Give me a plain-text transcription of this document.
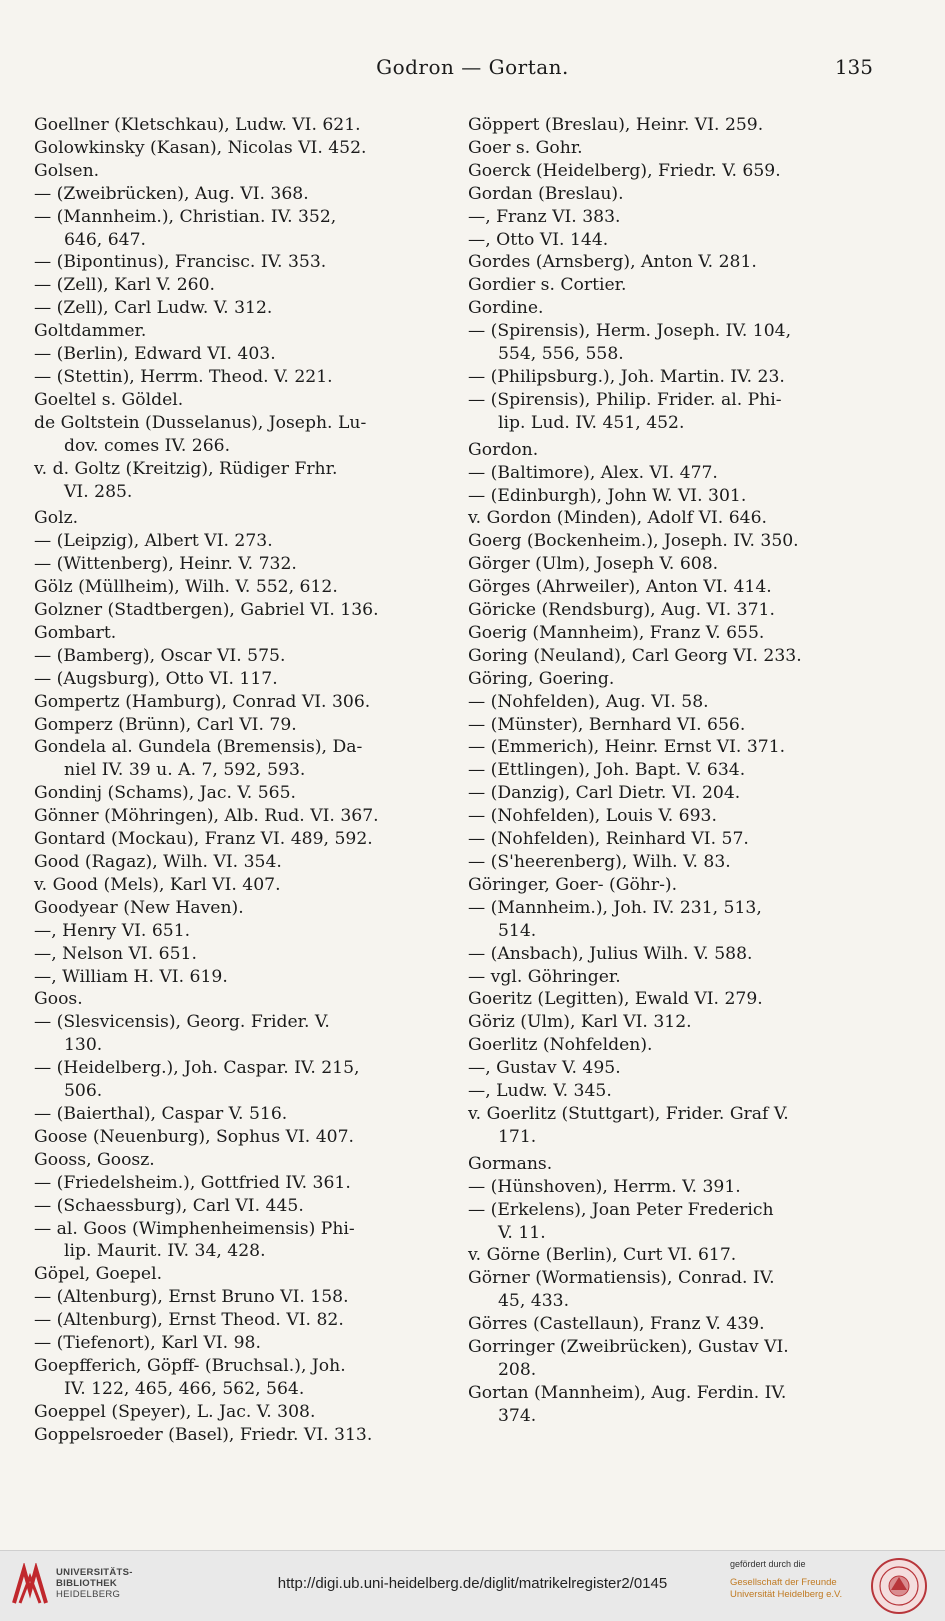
Godron — Gortan.	135
Goellner (Kletschkau), Ludw. VI. 621.
Golowkinsky (Kasan), Nicolas VI. 452.
Golsen.
— (Zweibrücken), Aug. VI. 368.
— (Mannheim.), Christian. IV. 352,
646, 647.
— (Bipontinus), Francisc. IV. 353.
— (Zell), Karl V. 260.
— (Zell), Carl Ludw. V. 312.
Goltdammer.
— (Berlin), Edward VI. 403.
— (Stettin), Herrm. Theod. V. 221.
Goeltel s. Göldel.
de Goltstein (Dusselanus), Joseph. Lu-
dov. comes IV. 266.
v. d. Goltz (Kreitzig), Rüdiger Frhr.
VI. 285.
Golz.
— (Leipzig), Albert VI. 273.
— (Wittenberg), Heinr. V. 732.
Gölz (Müllheim), Wilh. V. 552, 612.
Golzner (Stadtbergen), Gabriel VI. 136.
Gombart.
— (Bamberg), Oscar VI. 575.
— (Augsburg), Otto VI. 117.
Gompertz (Hamburg), Conrad VI. 306.
Gomperz (Brünn), Carl VI. 79.
Gondela al. Gundela (Bremensis), Da-
niel IV. 39 u. A. 7, 592, 593.
Gondinj (Schams), Jac. V. 565.
Gönner (Möhringen), Alb. Rud. VI. 367.
Gontard (Mockau), Franz VI. 489, 592.
Good (Ragaz), Wilh. VI. 354.
v. Good (Mels), Karl VI. 407.
Goodyear (New Haven).
—, Henry VI. 651.
—, Nelson VI. 651.
—, William H. VI. 619.
Goos.
— (Slesvicensis), Georg. Frider. V.
130.
— (Heidelberg.), Joh. Caspar. IV. 215,
506.
— (Baierthal), Caspar V. 516.
Goose (Neuenburg), Sophus VI. 407.
Gooss, Goosz.
— (Friedelsheim.), Gottfried IV. 361.
— (Schaessburg), Carl VI. 445.
— al. Goos (Wimphenheimensis) Phi-
lip. Maurit. IV. 34, 428.
Göpel, Goepel.
— (Altenburg), Ernst Bruno VI. 158.
— (Altenburg), Ernst Theod. VI. 82.
— (Tiefenort), Karl VI. 98.
Goepfferich, Göpff- (Bruchsal.), Joh.
IV. 122, 465, 466, 562, 564.
Goeppel (Speyer), L. Jac. V. 308.
Goppelsroeder (Basel), Friedr. VI. 313.
Göppert (Breslau), Heinr. VI. 259.
Goer s. Gohr.
Goerck (Heidelberg), Friedr. V. 659.
Gordan (Breslau).
—, Franz VI. 383.
—, Otto VI. 144.
Gordes (Arnsberg), Anton V. 281.
Gordier s. Cortier.
Gordine.
— (Spirensis), Herm. Joseph. IV. 104,
554, 556, 558.
— (Philipsburg.), Joh. Martin. IV. 23.
— (Spirensis), Philip. Frider. al. Phi-
lip. Lud. IV. 451, 452.
Gordon.
— (Baltimore), Alex. VI. 477.
— (Edinburgh), John W. VI. 301.
v. Gordon (Minden), Adolf VI. 646.
Goerg (Bockenheim.), Joseph. IV. 350.
Görger (Ulm), Joseph V. 608.
Görges (Ahrweiler), Anton VI. 414.
Göricke (Rendsburg), Aug. VI. 371.
Goerig (Mannheim), Franz V. 655.
Goring (Neuland), Carl Georg VI. 233.
Göring, Goering.
— (Nohfelden), Aug. VI. 58.
— (Münster), Bernhard VI. 656.
— (Emmerich), Heinr. Ernst VI. 371.
— (Ettlingen), Joh. Bapt. V. 634.
— (Danzig), Carl Dietr. VI. 204.
— (Nohfelden), Louis V. 693.
— (Nohfelden), Reinhard VI. 57.
— (S'heerenberg), Wilh. V. 83.
Göringer, Goer- (Göhr-).
— (Mannheim.), Joh. IV. 231, 513,
514.
— (Ansbach), Julius Wilh. V. 588.
— vgl. Göhringer.
Goeritz (Legitten), Ewald VI. 279.
Göriz (Ulm), Karl VI. 312.
Goerlitz (Nohfelden).
—, Gustav V. 495.
—, Ludw. V. 345.
v. Goerlitz (Stuttgart), Frider. Graf V.
171.
Gormans.
— (Hünshoven), Herrm. V. 391.
— (Erkelens), Joan Peter Frederich
V. 11.
v. Görne (Berlin), Curt VI. 617.
Görner (Wormatiensis), Conrad. IV.
45, 433.
Görres (Castellaun), Franz V. 439.
Gorringer (Zweibrücken), Gustav VI.
208.
Gortan (Mannheim), Aug. Ferdin. IV.
374.
UNIVERSITÄTS-
BIBLIOTHEK
HEIDELBERG
http://digi.ub.uni-heidelberg.de/diglit/matrikelregister2/0145
gefördert durch die
Gesellschaft der Freunde
Universität Heidelberg e.V.
